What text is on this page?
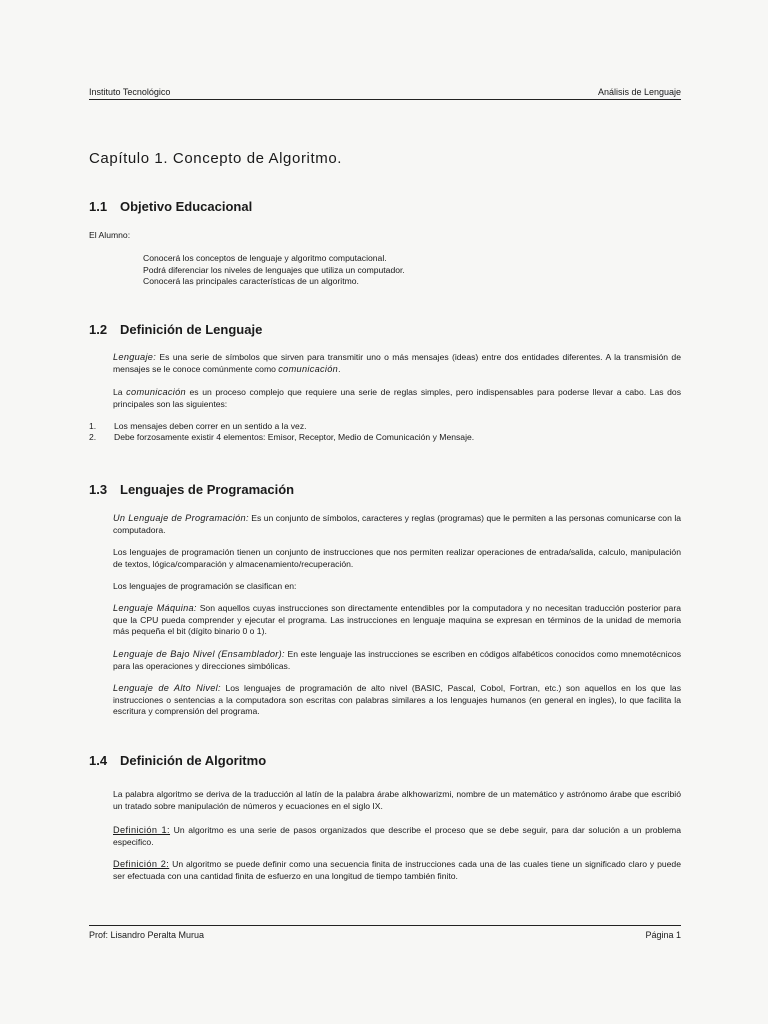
Instituto Tecnológico	Análisis de Lenguaje
Capítulo 1. Concepto de Algoritmo.
1.1 Objetivo Educacional

El Alumno:

Conocerá los conceptos de lenguaje y algoritmo computacional.
Podrá diferenciar los niveles de lenguajes que utiliza un computador.
Conocerá las principales características de un algoritmo.
1.2 Definición de Lenguaje

Lenguaje: Es una serie de símbolos que sirven para transmitir uno o más mensajes (ideas) entre dos entidades diferentes. A la transmisión de mensajes se le conoce comúnmente como comunicación.

La comunicación es un proceso complejo que requiere una serie de reglas simples, pero indispensables para poderse llevar a cabo. Las dos principales son las siguientes:

1. Los mensajes deben correr en un sentido a la vez.
2. Debe forzosamente existir 4 elementos: Emisor, Receptor, Medio de Comunicación y Mensaje.
1.3 Lenguajes de Programación

Un Lenguaje de Programación: Es un conjunto de símbolos, caracteres y reglas (programas) que le permiten a las personas comunicarse con la computadora.

Los lenguajes de programación tienen un conjunto de instrucciones que nos permiten realizar operaciones de entrada/salida, calculo, manipulación de textos, lógica/comparación y almacenamiento/recuperación.

Los lenguajes de programación se clasifican en:

Lenguaje Máquina: Son aquellos cuyas instrucciones son directamente entendibles por la computadora y no necesitan traducción posterior para que la CPU pueda comprender y ejecutar el programa. Las instrucciones en lenguaje maquina se expresan en términos de la unidad de memoria más pequeña el bit (dígito binario 0 o 1).

Lenguaje de Bajo Nivel (Ensamblador): En este lenguaje las instrucciones se escriben en códigos alfabéticos conocidos como mnemotécnicos para las operaciones y direcciones simbólicas.

Lenguaje de Alto Nivel: Los lenguajes de programación de alto nivel (BASIC, Pascal, Cobol, Fortran, etc.) son aquellos en los que las instrucciones o sentencias a la computadora son escritas con palabras similares a los lenguajes humanos (en general en ingles), lo que facilita la escritura y comprensión del programa.

1.4 Definición de Algoritmo

La palabra algoritmo se deriva de la traducción al latín de la palabra árabe alkhowarizmi, nombre de un matemático y astrónomo árabe que escribió un tratado sobre manipulación de números y ecuaciones en el siglo IX.

Definición 1: Un algoritmo es una serie de pasos organizados que describe el proceso que se debe seguir, para dar solución a un problema especifico.

Definición 2: Un algoritmo se puede definir como una secuencia finita de instrucciones cada una de las cuales tiene un significado claro y puede ser efectuada con una cantidad finita de esfuerzo en una longitud de tiempo también finito.

Prof: Lisandro Peralta Murua	Página 1
